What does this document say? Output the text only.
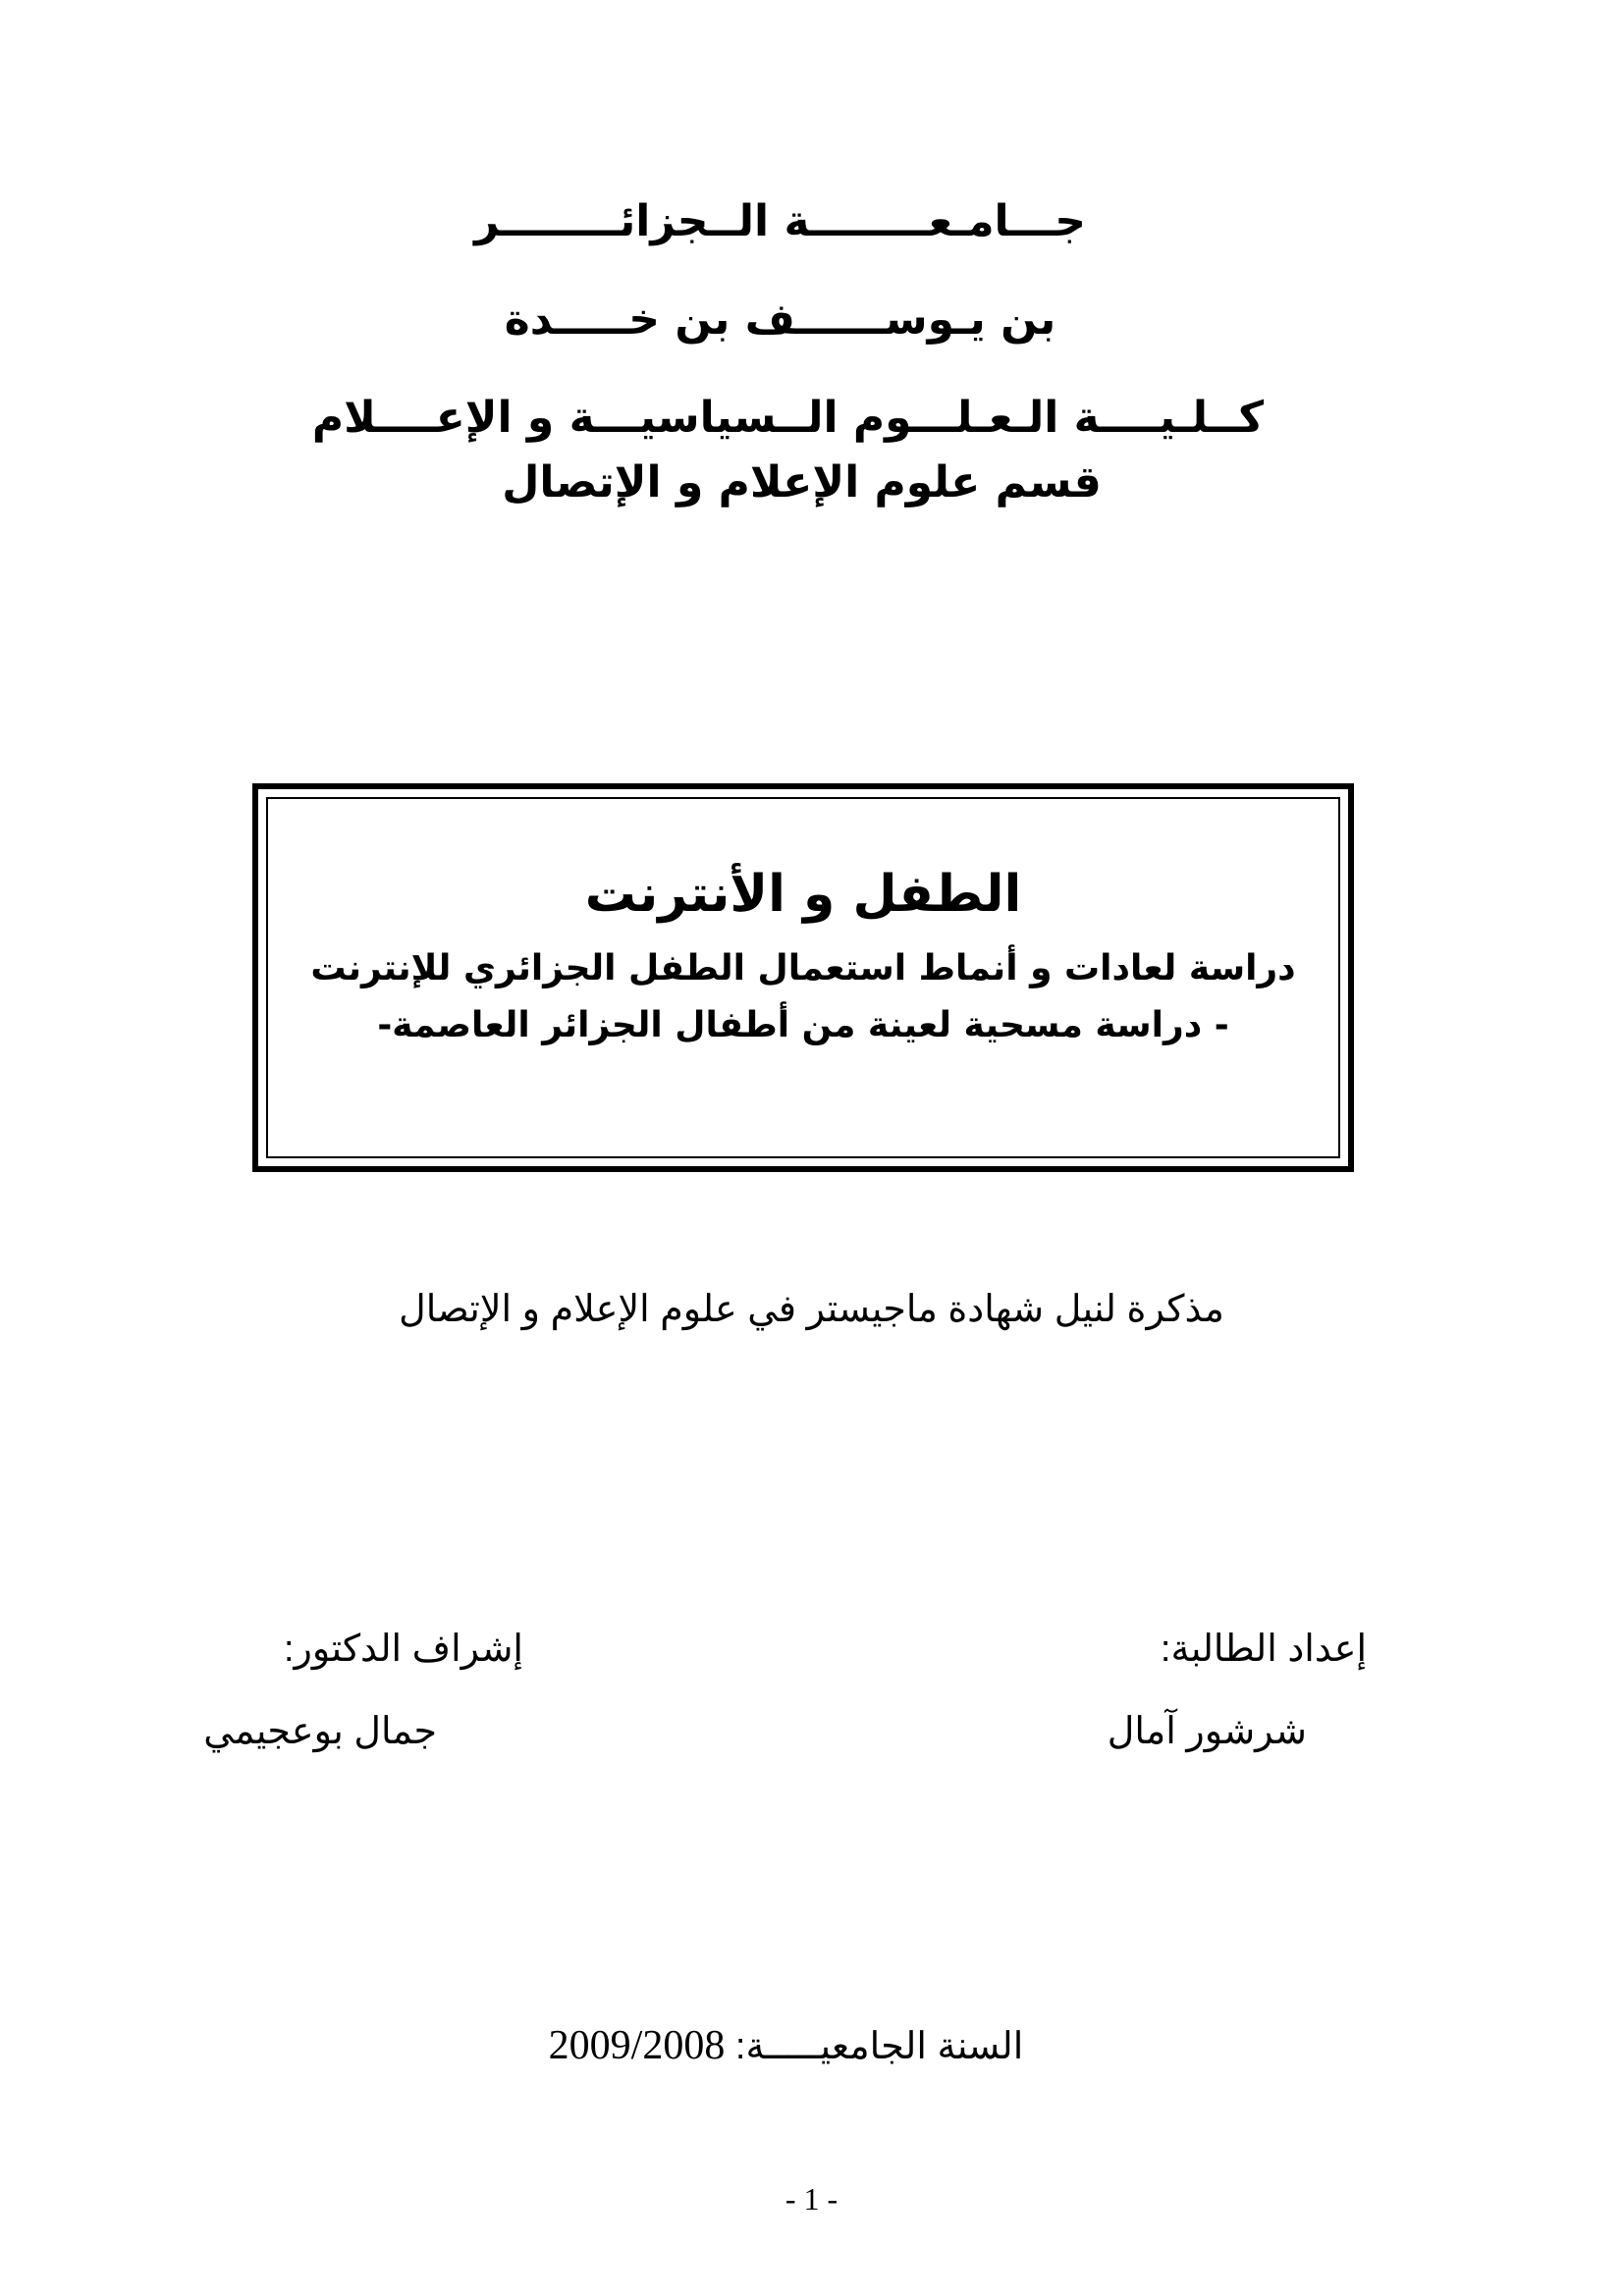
جـــامـعــــــــة الــجزائــــــــر
بن يـوســــــف بن خـــــدة
كــلـيــــة الـعـلـــوم الــسياسيـــة و الإعــــلام
قسم علوم الإعلام و الإتصال
الطفل و الأنترنت
دراسة لعادات و أنماط استعمال الطفل الجزائري للإنترنت
- دراسة مسحية لعينة من أطفال الجزائر العاصمة-
مذكرة لنيل شهادة ماجيستر في علوم الإعلام و الإتصال
إعداد الطالبة:
شرشور آمال
إشراف الدكتور:
جمال بوعجيمي
السنة الجامعيـــــة: 2009/2008
- 1 -
